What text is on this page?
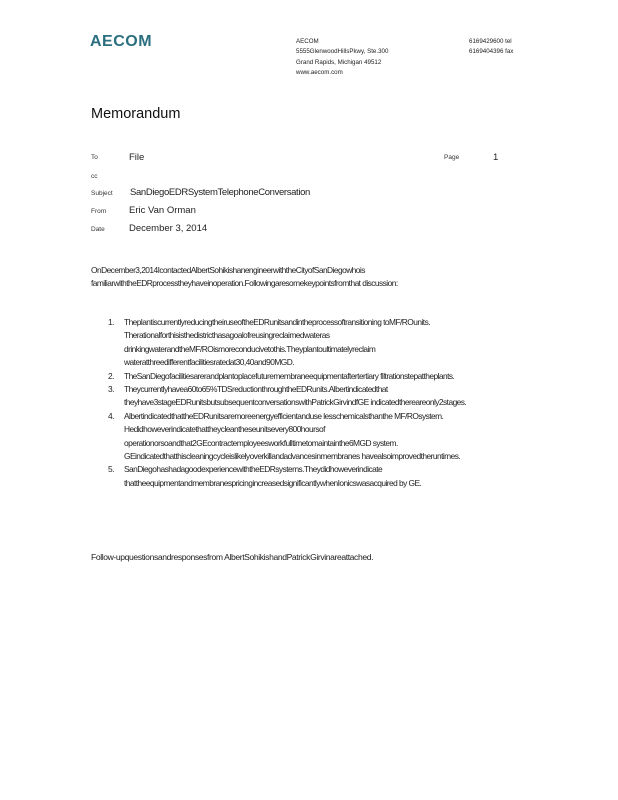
AECOM	AECOM
5555GlenwoodHillsPkwy, Ste.300
Grand Rapids, Michigan 49512
www.aecom.com
6169429600 tel
6169404396 fax
Memorandum
To	File	Page	1
cc
Subject SanDiegoEDRSystemTelephoneConversation
From Eric Van Orman
Date	December 3, 2014
OnDecember3,2014IcontactedAlbertSohikishanengineerwiththeCityofSanDiegowhois familiarwiththeEDRprocesstheyhaveinoperation.Followingaresomekeypointsfromthat discussion:
1. TheplantiscurrentlyreducingtheiruseoftheEDRunitsandintheprocessoftransitioning toMF/ROunits. Therationalforthisisthedistricthasagoalofreusingreclaimedwateras drinkingwaterandtheMF/ROismoreconducivetothis.Theyplantoultimatelyreclaim wateratthreedifferentfacilitiesratedat30,40and90MGD.
2. TheSanDiegofacilitiesarerandplantoplacefuturemembraneequipmentaftertertiary filtrationstepattheplants.
3. Theycurrentlyhavea60to65%TDSreductionthroughtheEDRunits.Albertindicatedthat theyhave3stageEDRunitsbutsubsequentconversationswithPatrickGirvindfGE indicatedthereareonly2stages.
4. AlbertindicatedthattheEDRunitsaremoreenergyefficientanduse lesschemicalsthanthe MF/ROsystem. Hedidhoweverindicatethattheycleantheseunitsevery800hoursof operationorsoandthat2GEcontractemployeesworkfulltimetomaintainthe6MGD system. GEindicatedthatthiscleaningcycleislikelyoverkillandadvancesinmembranes havealsoimprovedtheruntimes.
5. SanDiegohashadagoodexperiencewiththeEDRsystems.Theydidhoweverindicate thattheequipmentandmembranespricingincreasedsignificantlywhenIonicswasacquired by GE.
Follow-upquestionsandresponsesfrom AlbertSohikishandPatrickGirvinareattached.
